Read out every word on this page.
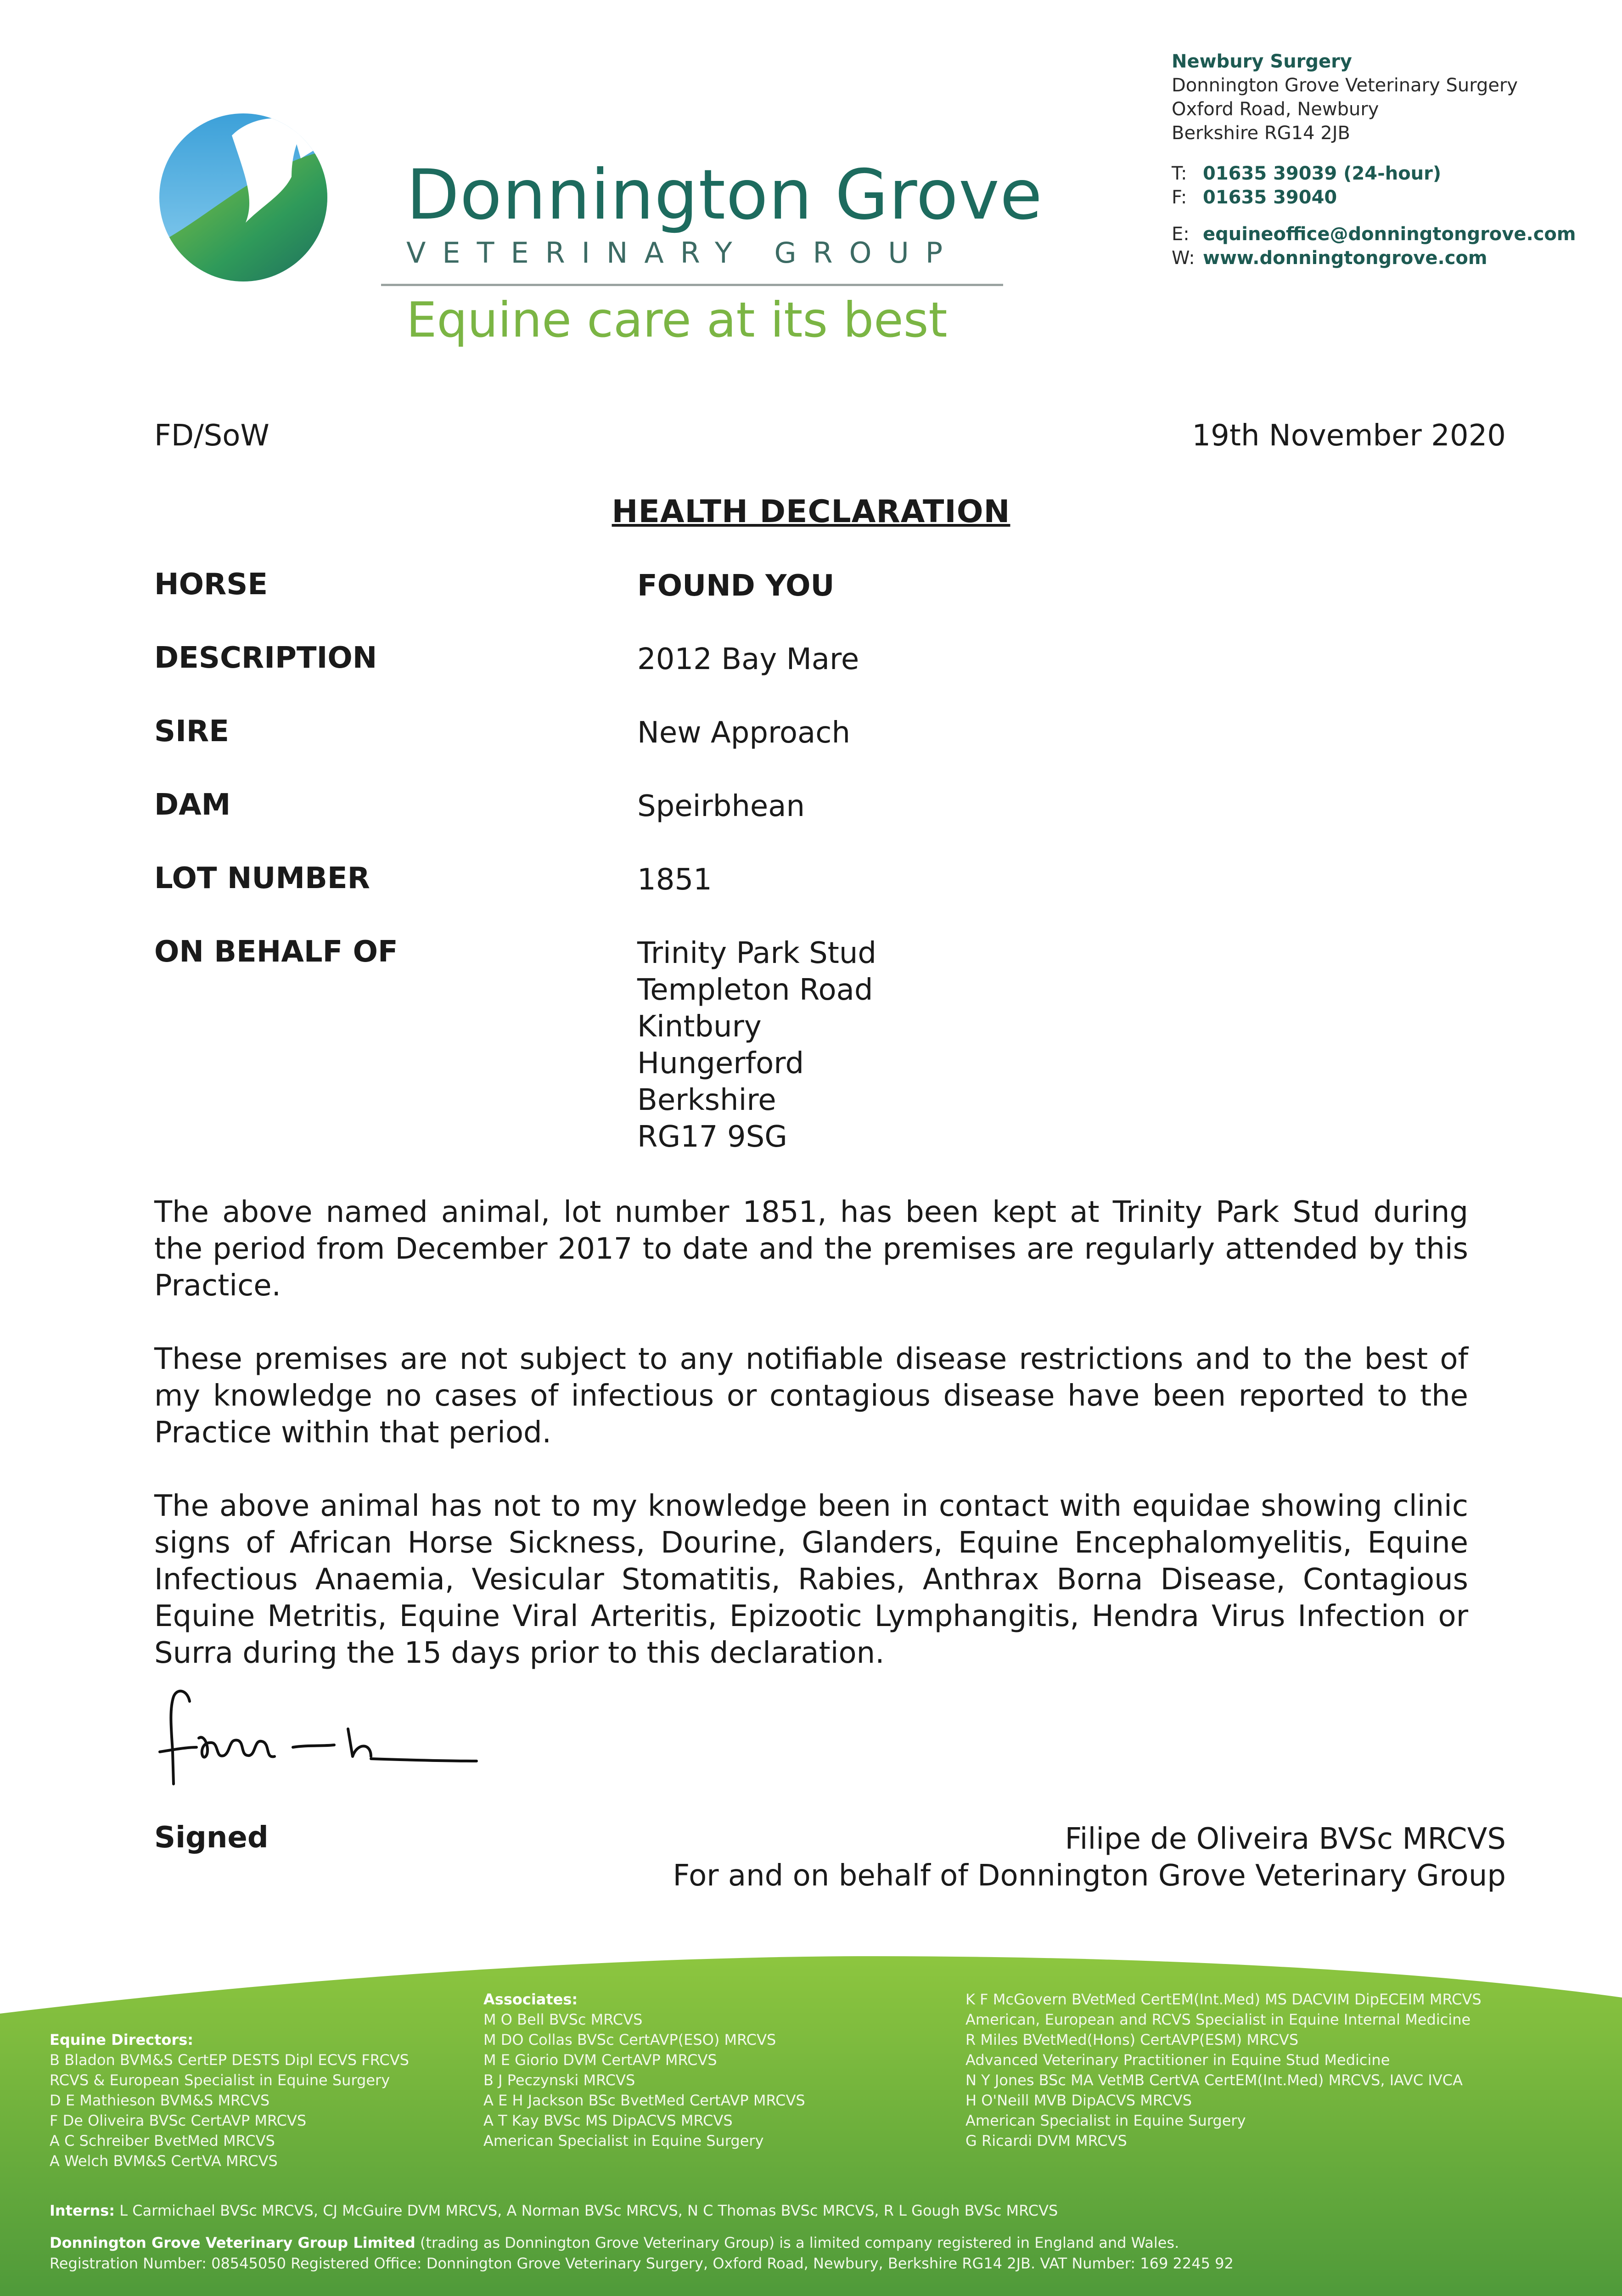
Donnington Grove
VETERINARY GROUP
Equine care at its best
Newbury Surgery
Donnington Grove Veterinary Surgery
Oxford Road, Newbury
Berkshire RG14 2JB
T: 01635 39039 (24-hour)
F: 01635 39040
E: equineoffice@donningtongrove.com
W: www.donningtongrove.com
FD/SoW	19th November 2020
HEALTH DECLARATION
HORSE	FOUND YOU
DESCRIPTION	2012 Bay Mare
SIRE	New Approach
DAM	Speirbhean
LOT NUMBER	1851
ON BEHALF OF	Trinity Park Stud
Templeton Road
Kintbury
Hungerford
Berkshire
RG17 9SG

The above named animal, lot number 1851, has been kept at Trinity Park Stud during the period from December 2017 to date and the premises are regularly attended by this Practice.

These premises are not subject to any notifiable disease restrictions and to the best of my knowledge no cases of infectious or contagious disease have been reported to the Practice within that period.

The above animal has not to my knowledge been in contact with equidae showing clinic signs of African Horse Sickness, Dourine, Glanders, Equine Encephalomyelitis, Equine Infectious Anaemia, Vesicular Stomatitis, Rabies, Anthrax Borna Disease, Contagious Equine Metritis, Equine Viral Arteritis, Epizootic Lymphangitis, Hendra Virus Infection or Surra during the 15 days prior to this declaration.

Signed	Filipe de Oliveira BVSc MRCVS
For and on behalf of Donnington Grove Veterinary Group
Equine Directors:
B Bladon BVM&S CertEP DESTS Dipl ECVS FRCVS
RCVS & European Specialist in Equine Surgery
D E Mathieson BVM&S MRCVS
F De Oliveira BVSc CertAVP MRCVS
A C Schreiber BvetMed MRCVS
A Welch BVM&S CertVA MRCVS
Associates:
M O Bell BVSc MRCVS
M DO Collas BVSc CertAVP(ESO) MRCVS
M E Giorio DVM CertAVP MRCVS
B J Peczynski MRCVS
A E H Jackson BSc BvetMed CertAVP MRCVS
A T Kay BVSc MS DipACVS MRCVS
American Specialist in Equine Surgery
K F McGovern BVetMed CertEM(Int.Med) MS DACVIM DipECEIM MRCVS
American, European and RCVS Specialist in Equine Internal Medicine
R Miles BVetMed(Hons) CertAVP(ESM) MRCVS
Advanced Veterinary Practitioner in Equine Stud Medicine
N Y Jones BSc MA VetMB CertVA CertEM(Int.Med) MRCVS, IAVC IVCA
H O'Neill MVB DipACVS MRCVS
American Specialist in Equine Surgery
G Ricardi DVM MRCVS
Interns: L Carmichael BVSc MRCVS, CJ McGuire DVM MRCVS, A Norman BVSc MRCVS, N C Thomas BVSc MRCVS, R L Gough BVSc MRCVS
Donnington Grove Veterinary Group Limited (trading as Donnington Grove Veterinary Group) is a limited company registered in England and Wales.
Registration Number: 08545050 Registered Office: Donnington Grove Veterinary Surgery, Oxford Road, Newbury, Berkshire RG14 2JB. VAT Number: 169 2245 92
